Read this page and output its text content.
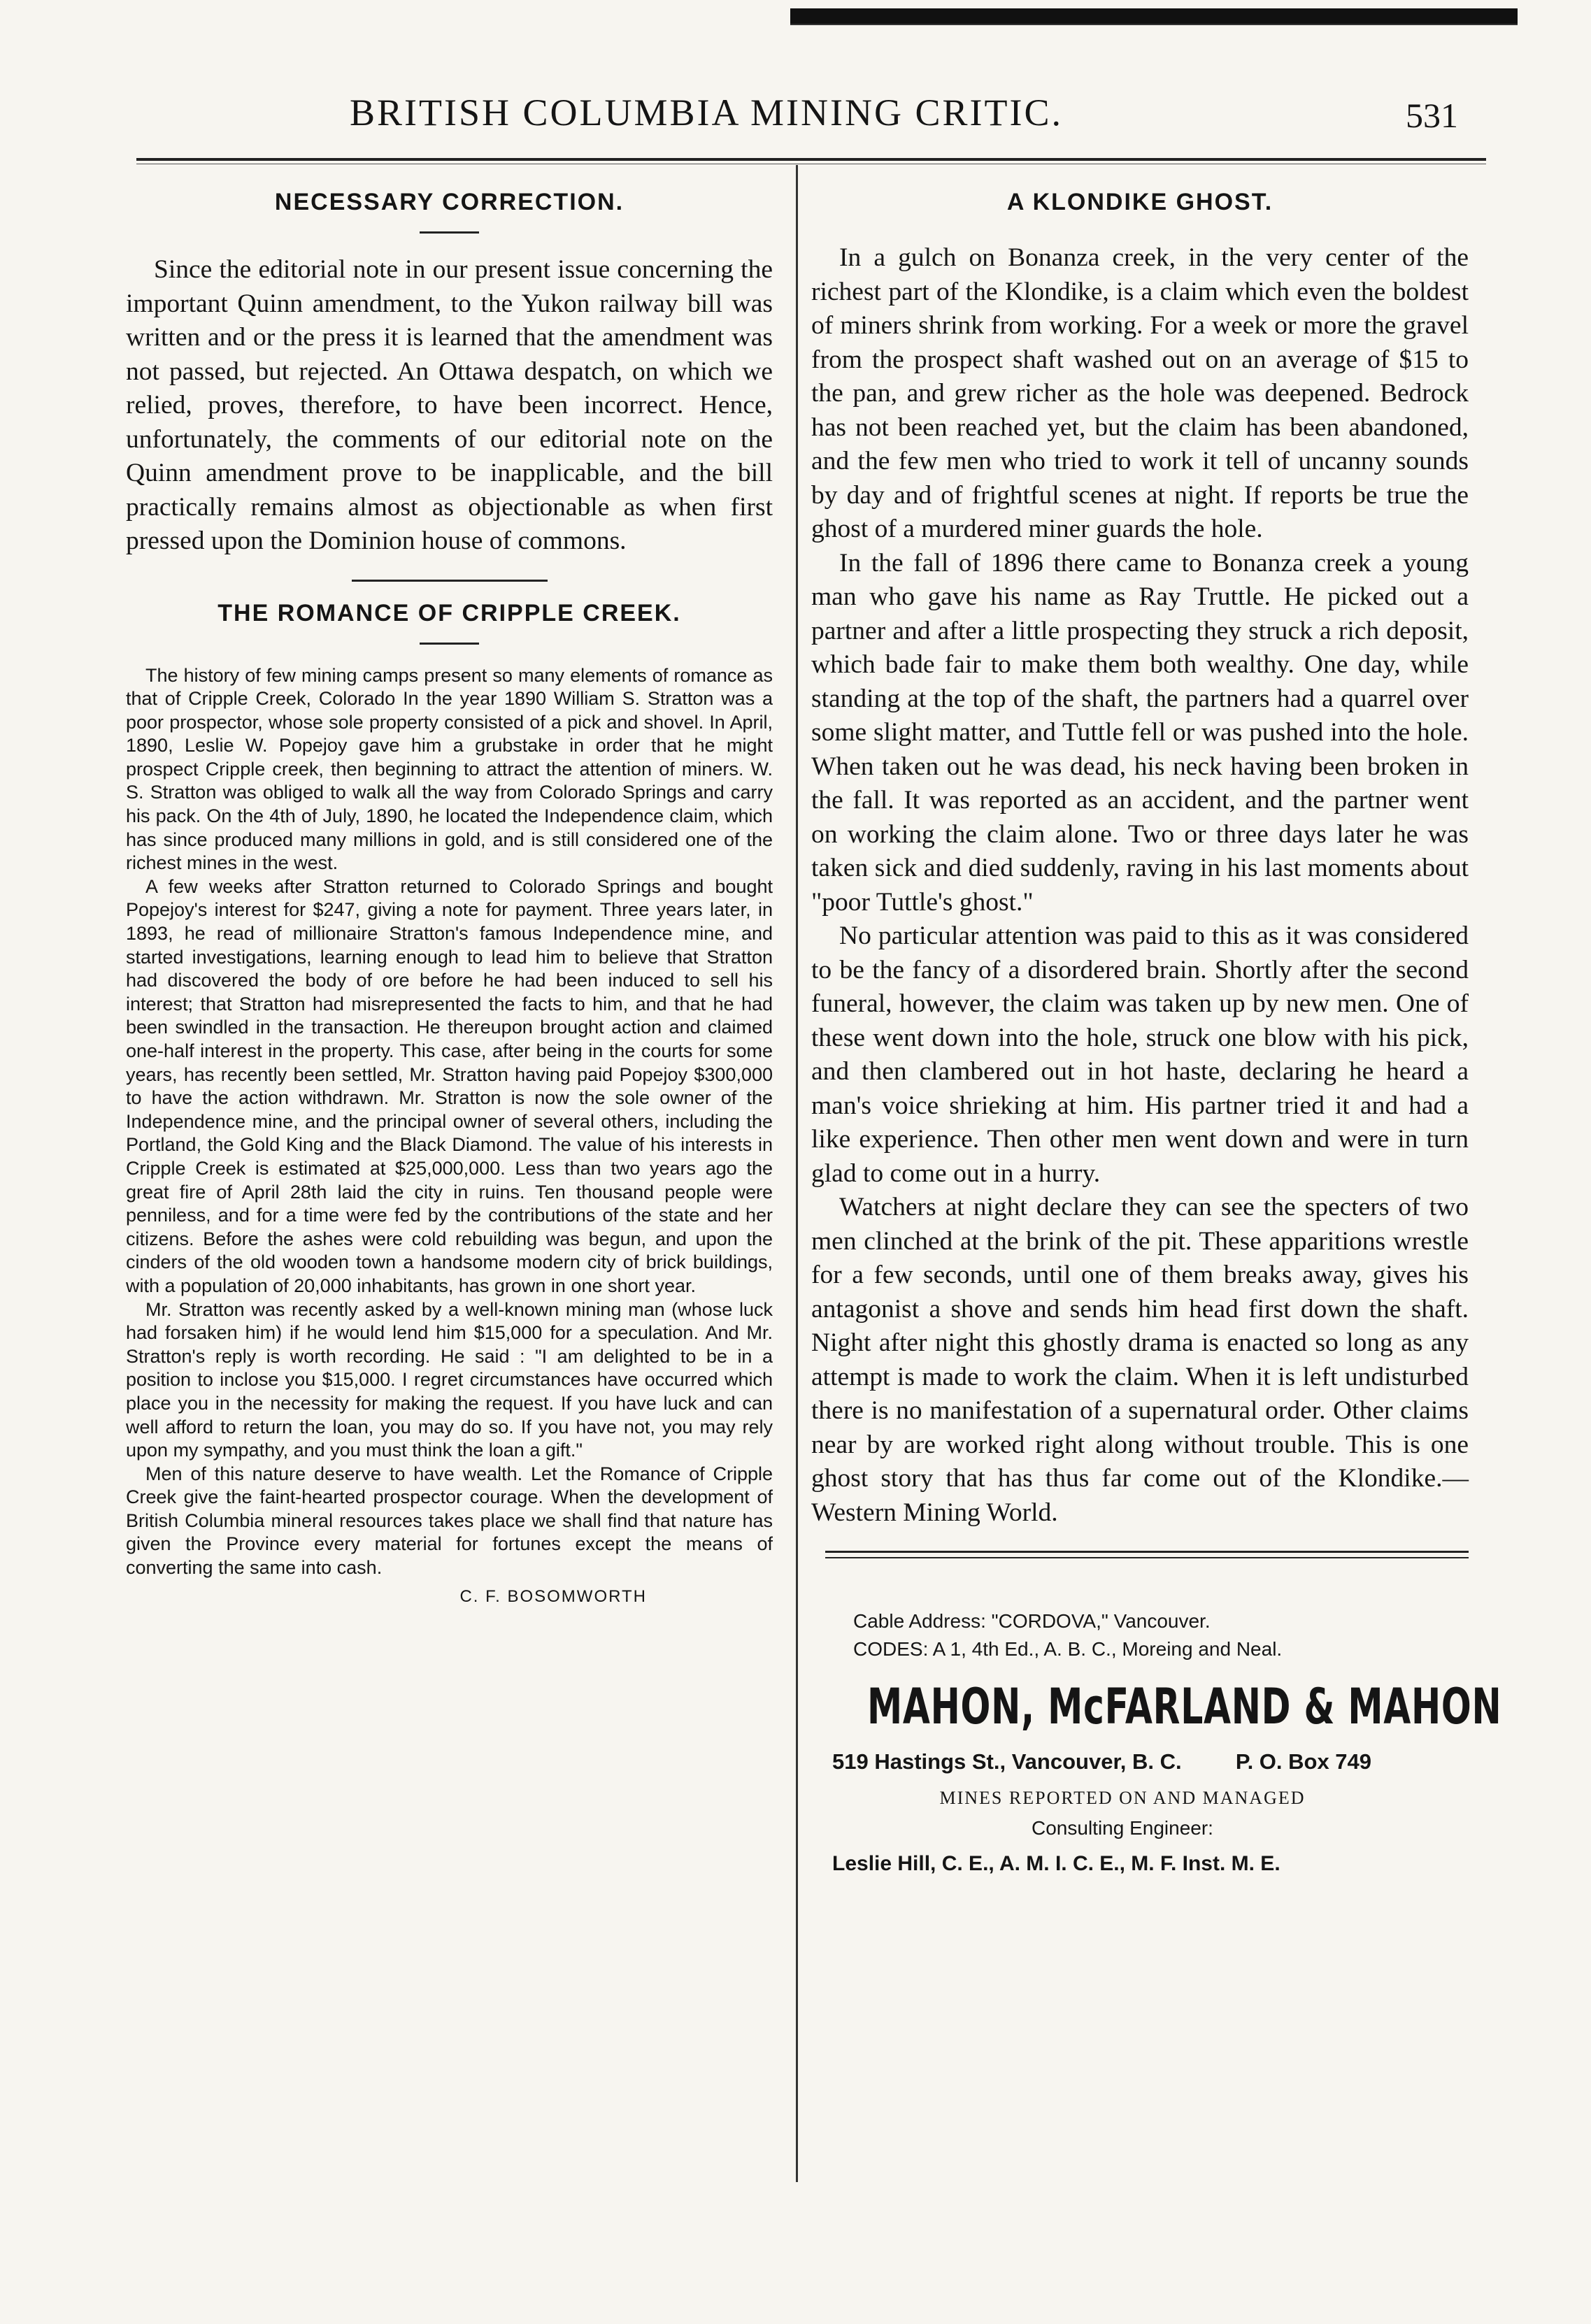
BRITISH COLUMBIA MINING CRITIC.	531
NECESSARY CORRECTION.

Since the editorial note in our present issue concerning the important Quinn amendment, to the Yukon railway bill was written and or the press it is learned that the amendment was not passed, but rejected. An Ottawa despatch, on which we relied, proves, therefore, to have been incorrect. Hence, unfortunately, the comments of our editorial note on the Quinn amendment prove to be inapplicable, and the bill practically remains almost as objectionable as when first pressed upon the Dominion house of commons.

THE ROMANCE OF CRIPPLE CREEK.

The history of few mining camps present so many elements of romance as that of Cripple Creek, Colorado In the year 1890 William S. Stratton was a poor prospector, whose sole property consisted of a pick and shovel. In April, 1890, Leslie W. Popejoy gave him a grubstake in order that he might prospect Cripple creek, then beginning to attract the attention of miners. W. S. Stratton was obliged to walk all the way from Colorado Springs and carry his pack. On the 4th of July, 1890, he located the Independence claim, which has since produced many millions in gold, and is still considered one of the richest mines in the west.

A few weeks after Stratton returned to Colorado Springs and bought Popejoy's interest for $247, giving a note for payment. Three years later, in 1893, he read of millionaire Stratton's famous Independence mine, and started investigations, learning enough to lead him to believe that Stratton had discovered the body of ore before he had been induced to sell his interest; that Stratton had misrepresented the facts to him, and that he had been swindled in the transaction. He thereupon brought action and claimed one-half interest in the property. This case, after being in the courts for some years, has recently been settled, Mr. Stratton having paid Popejoy $300,000 to have the action withdrawn. Mr. Stratton is now the sole owner of the Independence mine, and the principal owner of several others, including the Portland, the Gold King and the Black Diamond. The value of his interests in Cripple Creek is estimated at $25,000,000. Less than two years ago the great fire of April 28th laid the city in ruins. Ten thousand people were penniless, and for a time were fed by the contributions of the state and her citizens. Before the ashes were cold rebuilding was begun, and upon the cinders of the old wooden town a handsome modern city of brick buildings, with a population of 20,000 inhabitants, has grown in one short year.

Mr. Stratton was recently asked by a well-known mining man (whose luck had forsaken him) if he would lend him $15,000 for a speculation. And Mr. Stratton's reply is worth recording. He said : "I am delighted to be in a position to inclose you $15,000. I regret circumstances have occurred which place you in the necessity for making the request. If you have luck and can well afford to return the loan, you may do so. If you have not, you may rely upon my sympathy, and you must think the loan a gift."

Men of this nature deserve to have wealth. Let the Romance of Cripple Creek give the faint-hearted prospector courage. When the development of British Columbia mineral resources takes place we shall find that nature has given the Province every material for fortunes except the means of converting the same into cash.

C. F. BOSOMWORTH
A KLONDIKE GHOST.

In a gulch on Bonanza creek, in the very center of the richest part of the Klondike, is a claim which even the boldest of miners shrink from working. For a week or more the gravel from the prospect shaft washed out on an average of $15 to the pan, and grew richer as the hole was deepened. Bedrock has not been reached yet, but the claim has been abandoned, and the few men who tried to work it tell of uncanny sounds by day and of frightful scenes at night. If reports be true the ghost of a murdered miner guards the hole.

In the fall of 1896 there came to Bonanza creek a young man who gave his name as Ray Truttle. He picked out a partner and after a little prospecting they struck a rich deposit, which bade fair to make them both wealthy. One day, while standing at the top of the shaft, the partners had a quarrel over some slight matter, and Tuttle fell or was pushed into the hole. When taken out he was dead, his neck having been broken in the fall. It was reported as an accident, and the partner went on working the claim alone. Two or three days later he was taken sick and died suddenly, raving in his last moments about "poor Tuttle's ghost."

No particular attention was paid to this as it was considered to be the fancy of a disordered brain. Shortly after the second funeral, however, the claim was taken up by new men. One of these went down into the hole, struck one blow with his pick, and then clambered out in hot haste, declaring he heard a man's voice shrieking at him. His partner tried it and had a like experience. Then other men went down and were in turn glad to come out in a hurry.

Watchers at night declare they can see the specters of two men clinched at the brink of the pit. These apparitions wrestle for a few seconds, until one of them breaks away, gives his antagonist a shove and sends him head first down the shaft. Night after night this ghostly drama is enacted so long as any attempt is made to work the claim. When it is left undisturbed there is no manifestation of a supernatural order. Other claims near by are worked right along without trouble. This is one ghost story that has thus far come out of the Klondike.—Western Mining World.

Cable Address: "CORDOVA," Vancouver.
CODES: A 1, 4th Ed., A. B. C., Moreing and Neal.
MAHON, McFARLAND & MAHON
519 Hastings St., Vancouver, B. C. P. O. Box 749
MINES REPORTED ON AND MANAGED
Consulting Engineer:
Leslie Hill, C. E., A. M. I. C. E., M. F. Inst. M. E.
